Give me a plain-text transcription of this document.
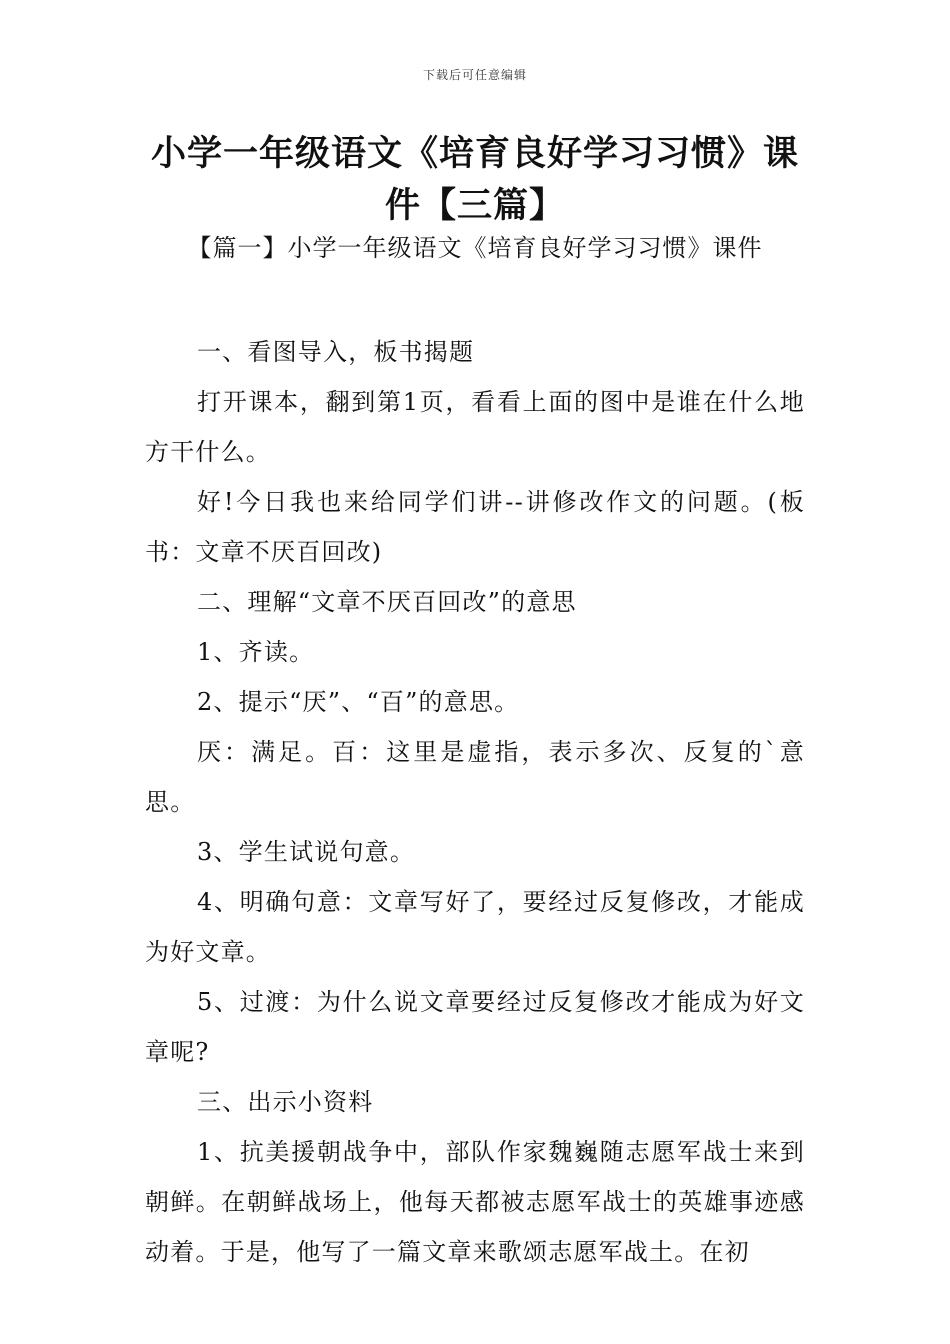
下载后可任意编辑
小学一年级语文《培育良好学习习惯》课件【三篇】
【篇一】小学一年级语文《培育良好学习习惯》课件

一、看图导入，板书揭题

打开课本，翻到第1页，看看上面的图中是谁在什么地方干什么。

好!今日我也来给同学们讲--讲修改作文的问题。(板书：文章不厌百回改)

二、理解“文章不厌百回改”的意思

1、齐读。

2、提示“厌”、“百”的意思。

厌：满足。百：这里是虚指，表示多次、反复的`意思。

3、学生试说句意。

4、明确句意：文章写好了，要经过反复修改，才能成为好文章。

5、过渡：为什么说文章要经过反复修改才能成为好文章呢?

三、出示小资料

1、抗美援朝战争中，部队作家魏巍随志愿军战士来到朝鲜。在朝鲜战场上，他每天都被志愿军战士的英雄事迹感动着。于是，他写了一篇文章来歌颂志愿军战土。在初
